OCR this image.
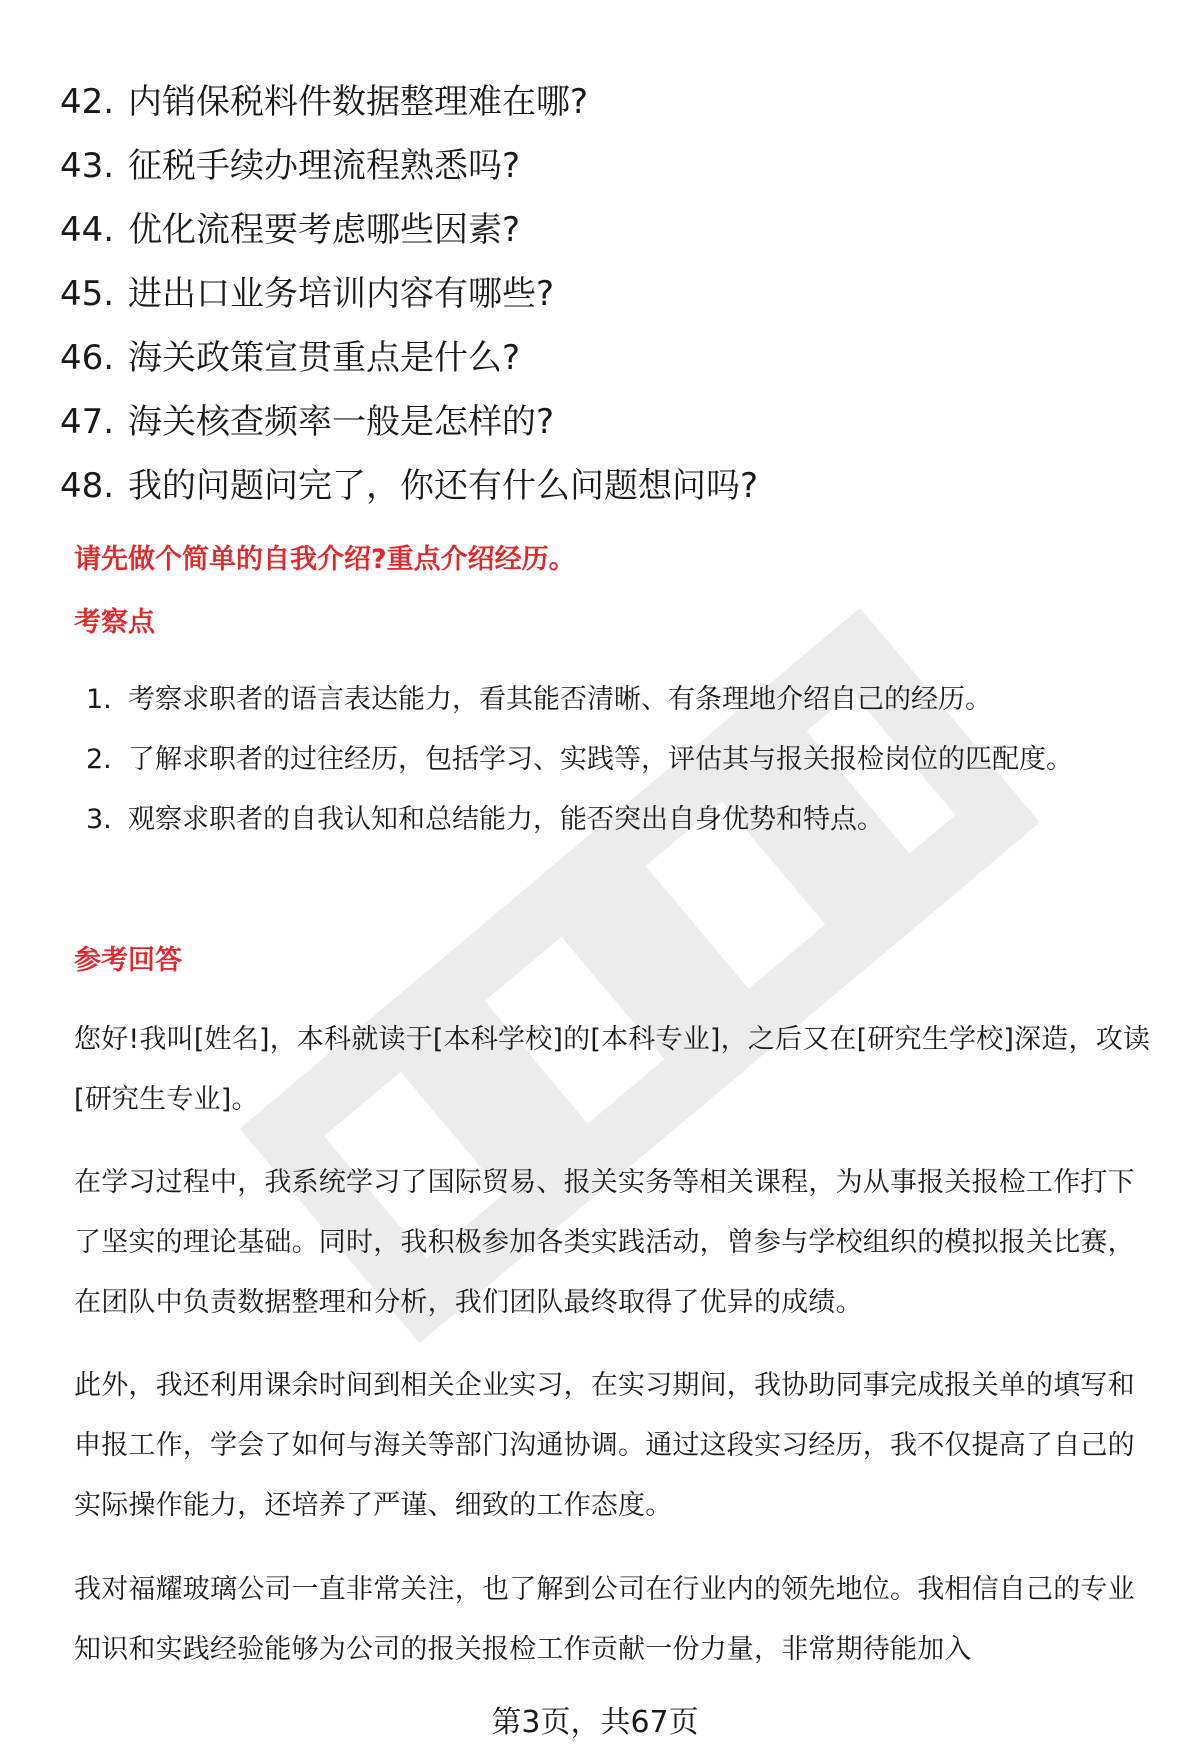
42. 内销保税料件数据整理难在哪?
43. 征税手续办理流程熟悉吗?
44. 优化流程要考虑哪些因素?
45. 进出口业务培训内容有哪些?
46. 海关政策宣贯重点是什么?
47. 海关核查频率一般是怎样的?
48. 我的问题问完了，你还有什么问题想问吗?
请先做个简单的自我介绍?重点介绍经历。
考察点
1. 考察求职者的语言表达能力，看其能否清晰、有条理地介绍自己的经历。
2. 了解求职者的过往经历，包括学习、实践等，评估其与报关报检岗位的匹配度。
3. 观察求职者的自我认知和总结能力，能否突出自身优势和特点。
参考回答
您好!我叫[姓名]，本科就读于[本科学校]的[本科专业]，之后又在[研究生学校]深造，攻读[研究生专业]。
在学习过程中，我系统学习了国际贸易、报关实务等相关课程，为从事报关报检工作打下了坚实的理论基础。同时，我积极参加各类实践活动，曾参与学校组织的模拟报关比赛，在团队中负责数据整理和分析，我们团队最终取得了优异的成绩。
此外，我还利用课余时间到相关企业实习，在实习期间，我协助同事完成报关单的填写和申报工作，学会了如何与海关等部门沟通协调。通过这段实习经历，我不仅提高了自己的实际操作能力，还培养了严谨、细致的工作态度。
我对福耀玻璃公司一直非常关注，也了解到公司在行业内的领先地位。我相信自己的专业知识和实践经验能够为公司的报关报检工作贡献一份力量，非常期待能加入
第3页，共67页
